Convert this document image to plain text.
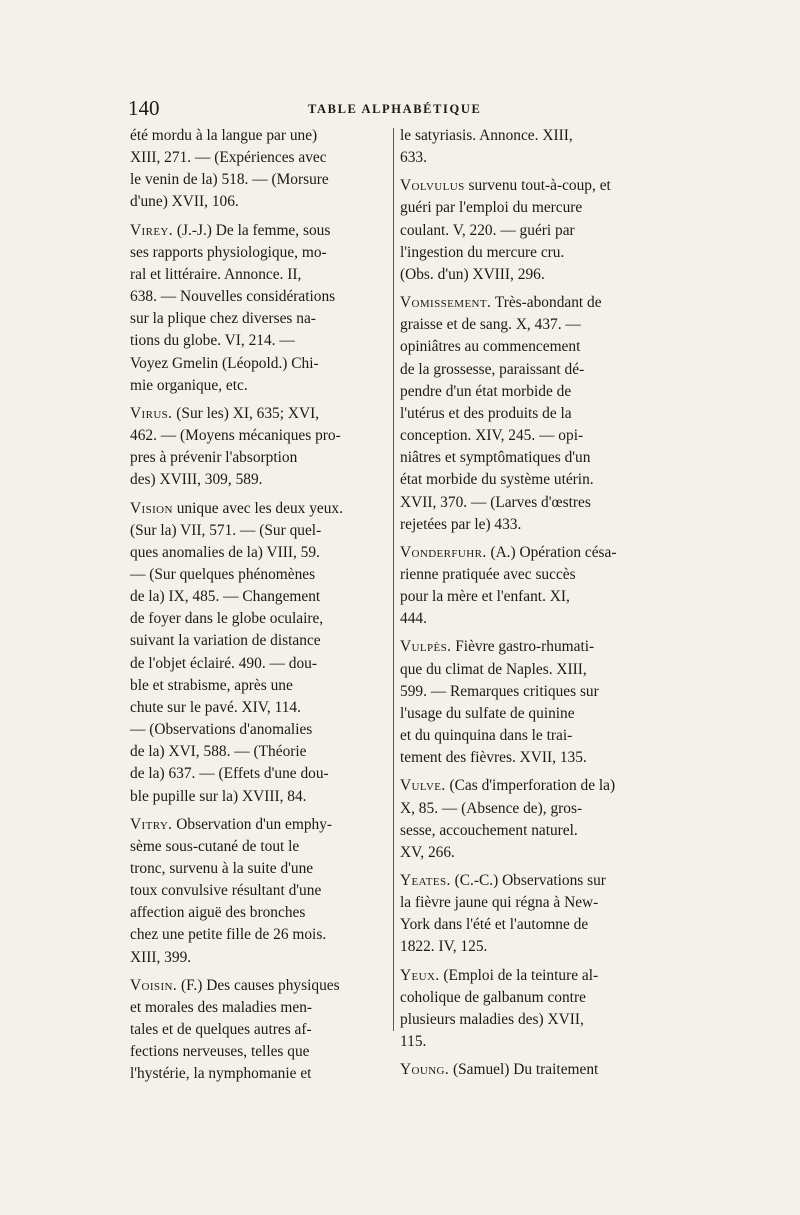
140	TABLE ALPHABÉTIQUE
été mordu à la langue par une)
XIII, 271. — (Expériences avec
le venin de la) 518. — (Morsure
d'une) XVII, 106.
Virey. (J.-J.) De la femme, sous
ses rapports physiologique, mo-
ral et littéraire. Annonce. II,
638. — Nouvelles considérations
sur la plique chez diverses na-
tions du globe. VI, 214. —
Voyez Gmelin (Léopold.) Chi-
mie organique, etc.
Virus. (Sur les) XI, 635; XVI,
462. — (Moyens mécaniques pro-
pres à prévenir l'absorption
des) XVIII, 309, 589.
Vision unique avec les deux yeux.
(Sur la) VII, 571. — (Sur quel-
ques anomalies de la) VIII, 59.
— (Sur quelques phénomènes
de la) IX, 485. — Changement
de foyer dans le globe oculaire,
suivant la variation de distance
de l'objet éclairé. 490. — dou-
ble et strabisme, après une
chute sur le pavé. XIV, 114.
— (Observations d'anomalies
de la) XVI, 588. — (Théorie
de la) 637. — (Effets d'une dou-
ble pupille sur la) XVIII, 84.
Vitry. Observation d'un emphy-
sème sous-cutané de tout le
tronc, survenu à la suite d'une
toux convulsive résultant d'une
affection aiguë des bronches
chez une petite fille de 26 mois.
XIII, 399.
Voisin. (F.) Des causes physiques
et morales des maladies men-
tales et de quelques autres af-
fections nerveuses, telles que
l'hystérie, la nymphomanie et
le satyriasis. Annonce. XIII,
633.
Volvulus survenu tout-à-coup, et
guéri par l'emploi du mercure
coulant. V, 220. — guéri par
l'ingestion du mercure cru.
(Obs. d'un) XVIII, 296.
Vomissement. Très-abondant de
graisse et de sang. X, 437. —
opiniâtres au commencement
de la grossesse, paraissant dé-
pendre d'un état morbide de
l'utérus et des produits de la
conception. XIV, 245. — opi-
niâtres et symptômatiques d'un
état morbide du système utérin.
XVII, 370. — (Larves d'œstres
rejetées par le) 433.
Vonderfuhr. (A.) Opération césa-
rienne pratiquée avec succès
pour la mère et l'enfant. XI,
444.
Vulpès. Fièvre gastro-rhumati-
que du climat de Naples. XIII,
599. — Remarques critiques sur
l'usage du sulfate de quinine
et du quinquina dans le trai-
tement des fièvres. XVII, 135.
Vulve. (Cas d'imperforation de la)
X, 85. — (Absence de), gros-
sesse, accouchement naturel.
XV, 266.
Yeates. (C.-C.) Observations sur
la fièvre jaune qui régna à New-
York dans l'été et l'automne de
1822. IV, 125.
Yeux. (Emploi de la teinture al-
coholique de galbanum contre
plusieurs maladies des) XVII,
115.
Young. (Samuel) Du traitement
